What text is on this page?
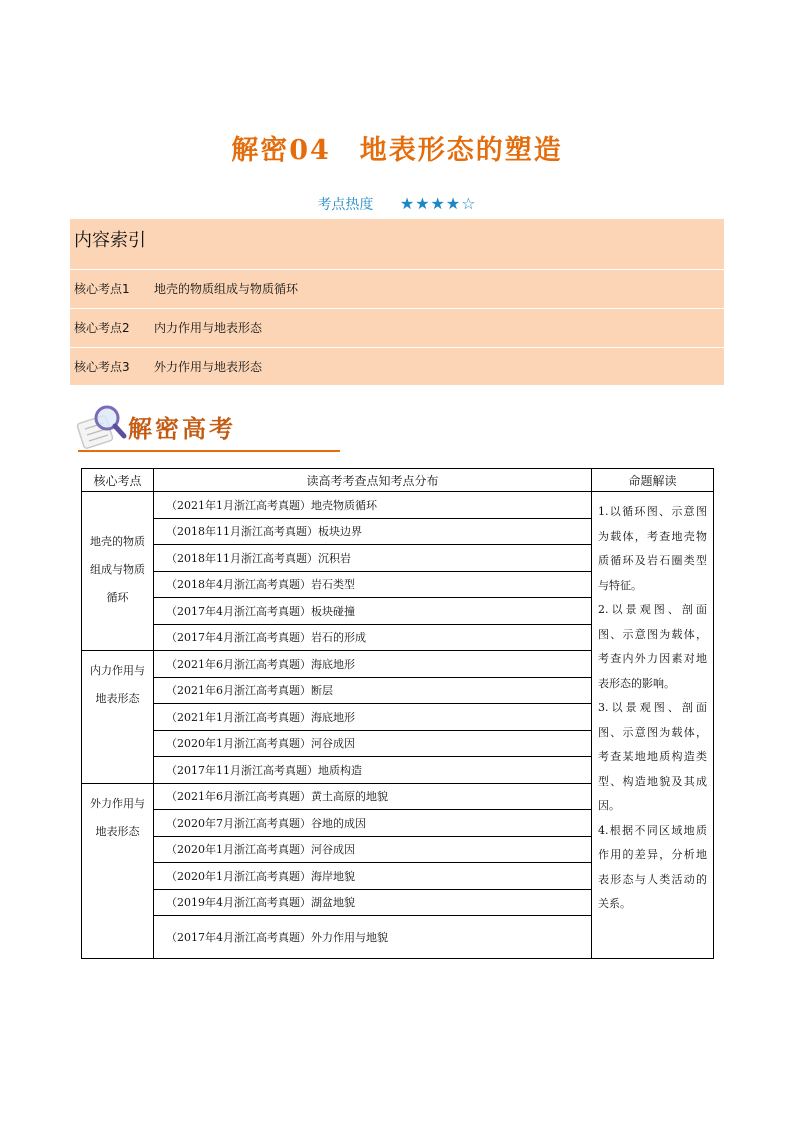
解密04　地表形态的塑造
考点热度 ★★★★☆
内容索引
核心考点1 地壳的物质组成与物质循环
核心考点2 内力作用与地表形态
核心考点3 外力作用与地表形态
解密高考
核心考点	读高考考查点知考点分布	命题解读
地壳的物质组成与物质循环	（2021年1月浙江高考真题）地壳物质循环	1.以循环图、示意图为载体，考查地壳物质循环及岩石圈类型与特征。

2.以景观图、剖面图、示意图为载体，考查内外力因素对地表形态的影响。

3.以景观图、剖面图、示意图为载体，考查某地地质构造类型、构造地貌及其成因。

4.根据不同区域地质作用的差异，分析地表形态与人类活动的关系。

	（2018年11月浙江高考真题）板块边界	
	（2018年11月浙江高考真题）沉积岩	
	（2018年4月浙江高考真题）岩石类型	
	（2017年4月浙江高考真题）板块碰撞	
	（2017年4月浙江高考真题）岩石的形成	
内力作用与地表形态	（2021年6月浙江高考真题）海底地形	
	（2021年6月浙江高考真题）断层	
	（2021年1月浙江高考真题）海底地形	
	（2020年1月浙江高考真题）河谷成因	
	（2017年11月浙江高考真题）地质构造	
外力作用与地表形态	（2021年6月浙江高考真题）黄土高原的地貌	
	（2020年7月浙江高考真题）谷地的成因	
	（2020年1月浙江高考真题）河谷成因	
	（2020年1月浙江高考真题）海岸地貌	
	（2019年4月浙江高考真题）湖盆地貌	
	（2017年4月浙江高考真题）外力作用与地貌	
